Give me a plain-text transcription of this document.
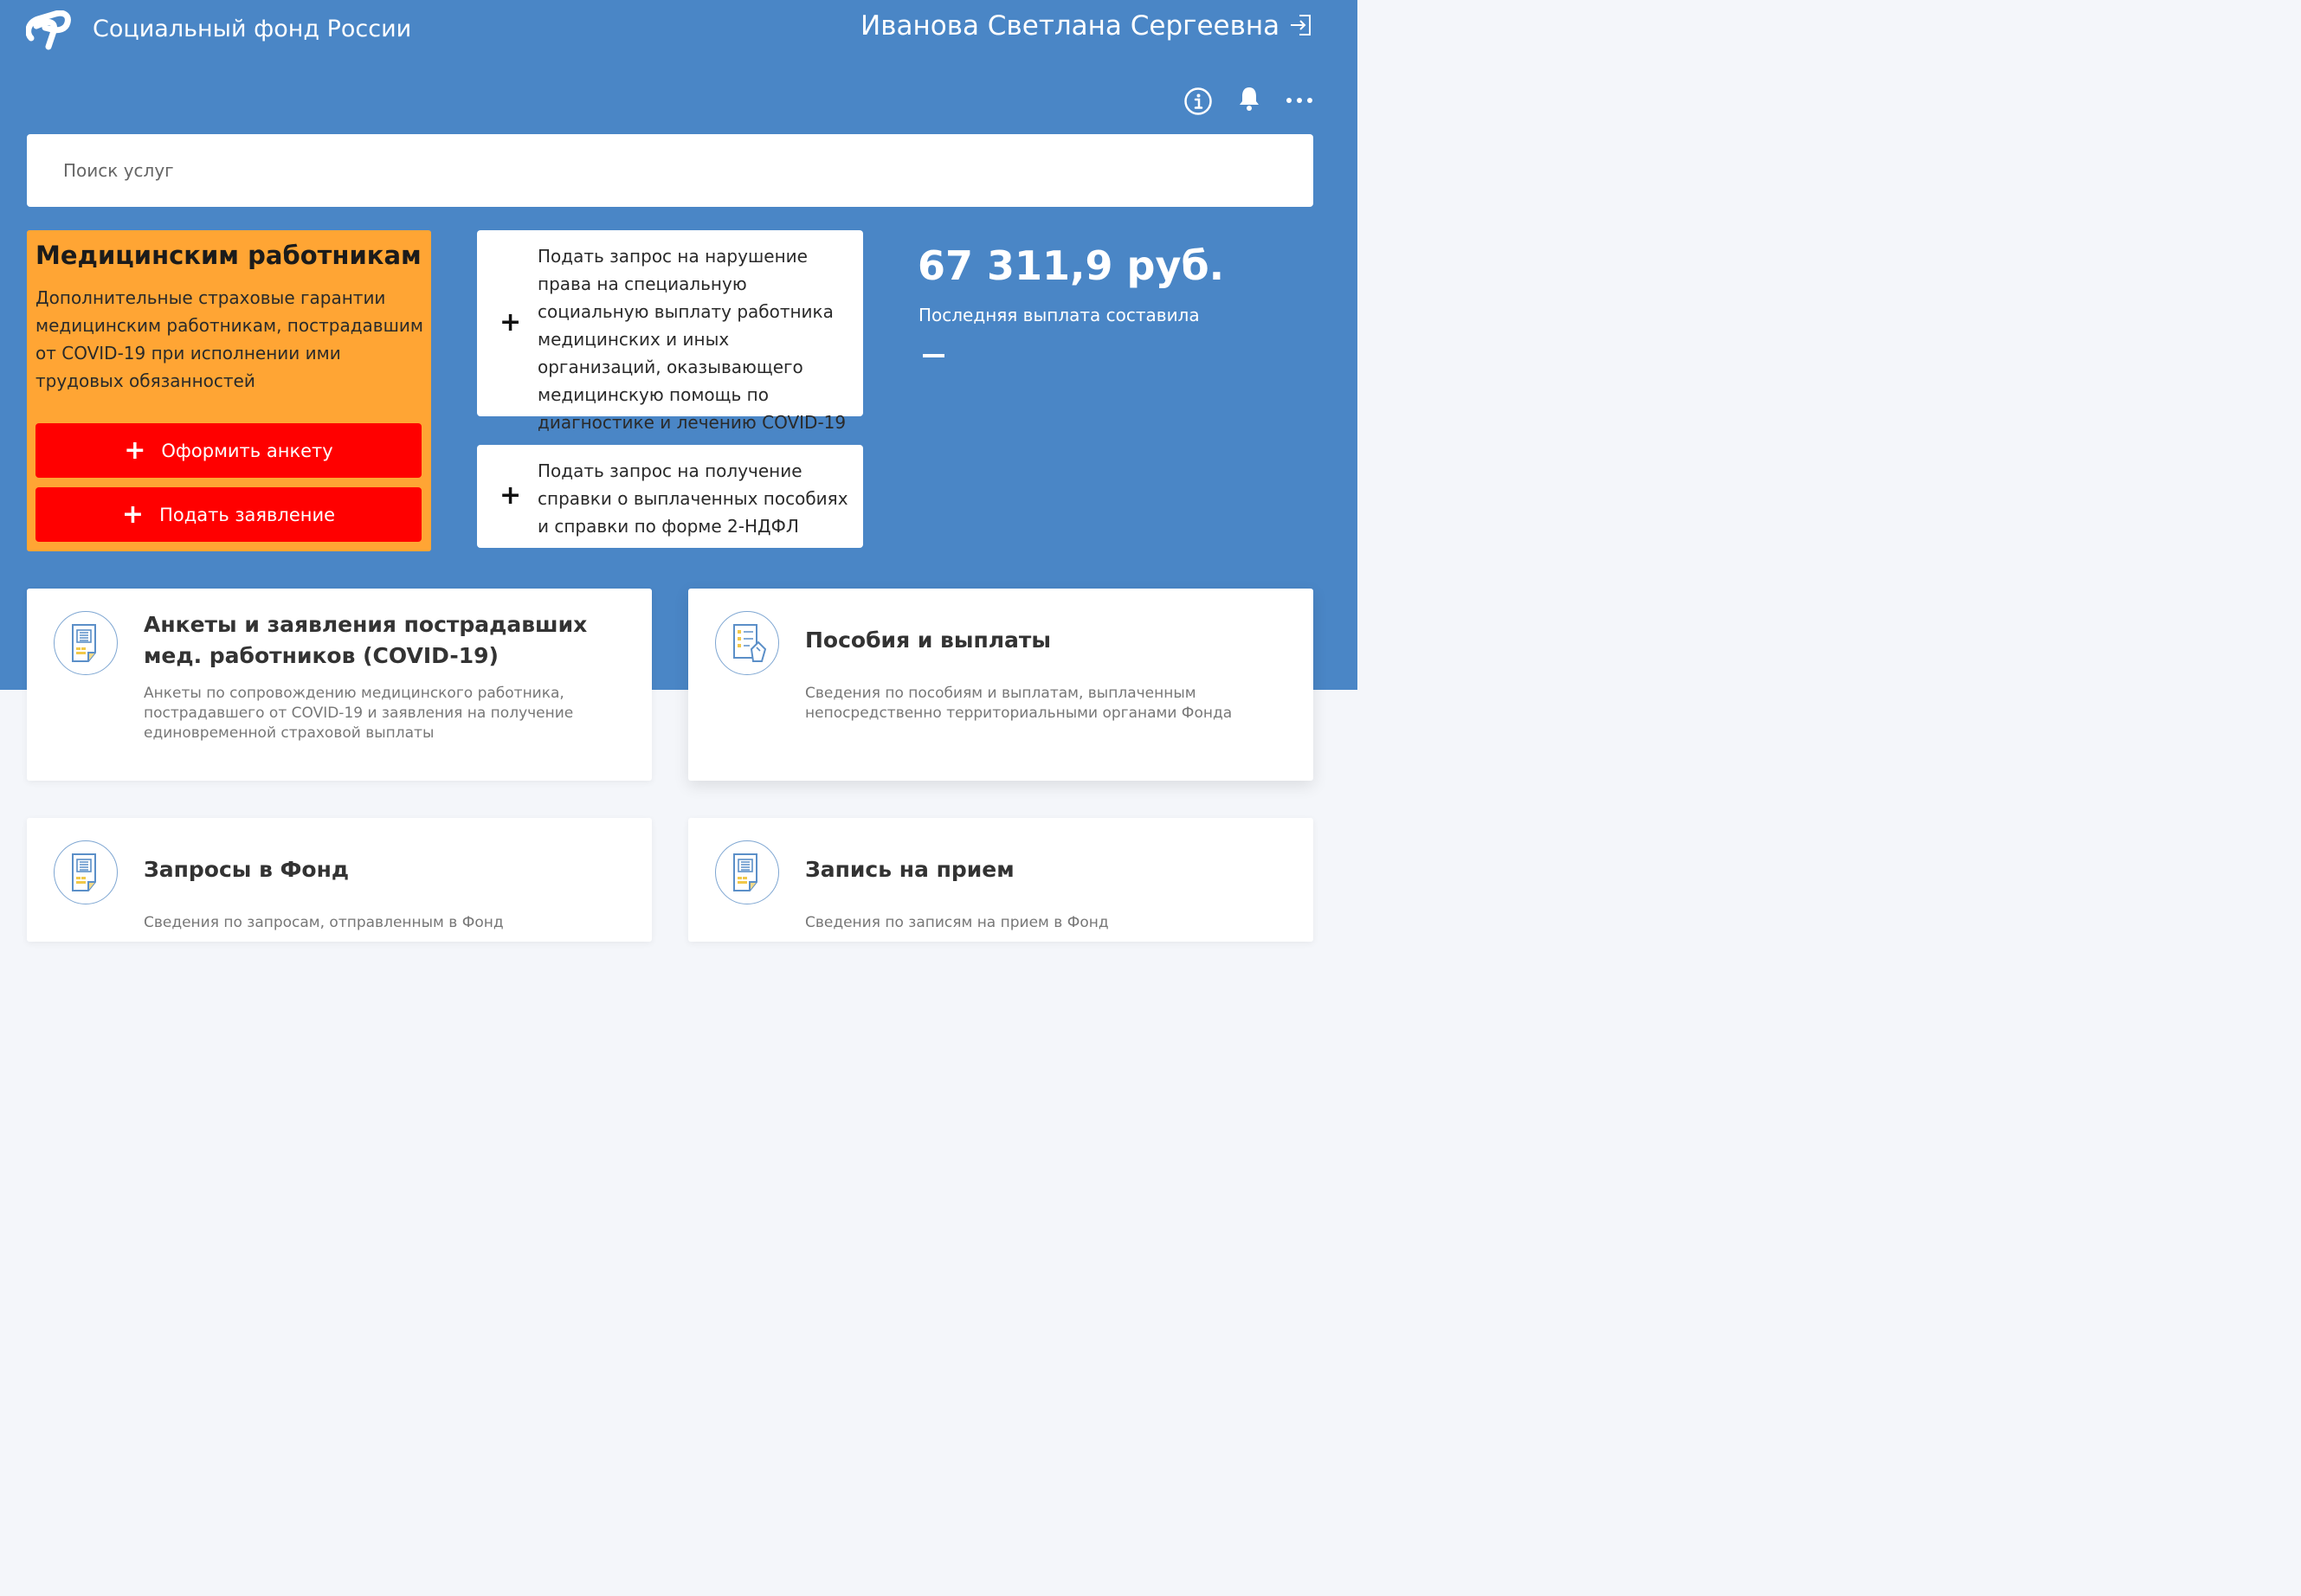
Социальный фонд России	Иванова Светлана Сергеевна
Поиск услуг
Медицинским работникам
Дополнительные страховые гарантии медицинским работникам, пострадавшим от COVID-19 при исполнении ими трудовых обязанностей
+ Оформить анкету
+ Подать заявление
+
Подать запрос на нарушение права на специальную социальную выплату работника медицинских и иных организаций, оказывающего медицинскую помощь по диагностике и лечению COVID-19
+
Подать запрос на получение справки о выплаченных пособиях и справки по форме 2-НДФЛ
67 311,9 руб.
Последняя выплата составила
Анкеты и заявления пострадавших мед. работников (COVID-19)
Анкеты по сопровождению медицинского работника, пострадавшего от COVID-19 и заявления на получение единовременной страховой выплаты
Пособия и выплаты
Сведения по пособиям и выплатам, выплаченным непосредственно территориальными органами Фонда
Запросы в Фонд
Сведения по запросам, отправленным в Фонд
Запись на прием
Сведения по записям на прием в Фонд
